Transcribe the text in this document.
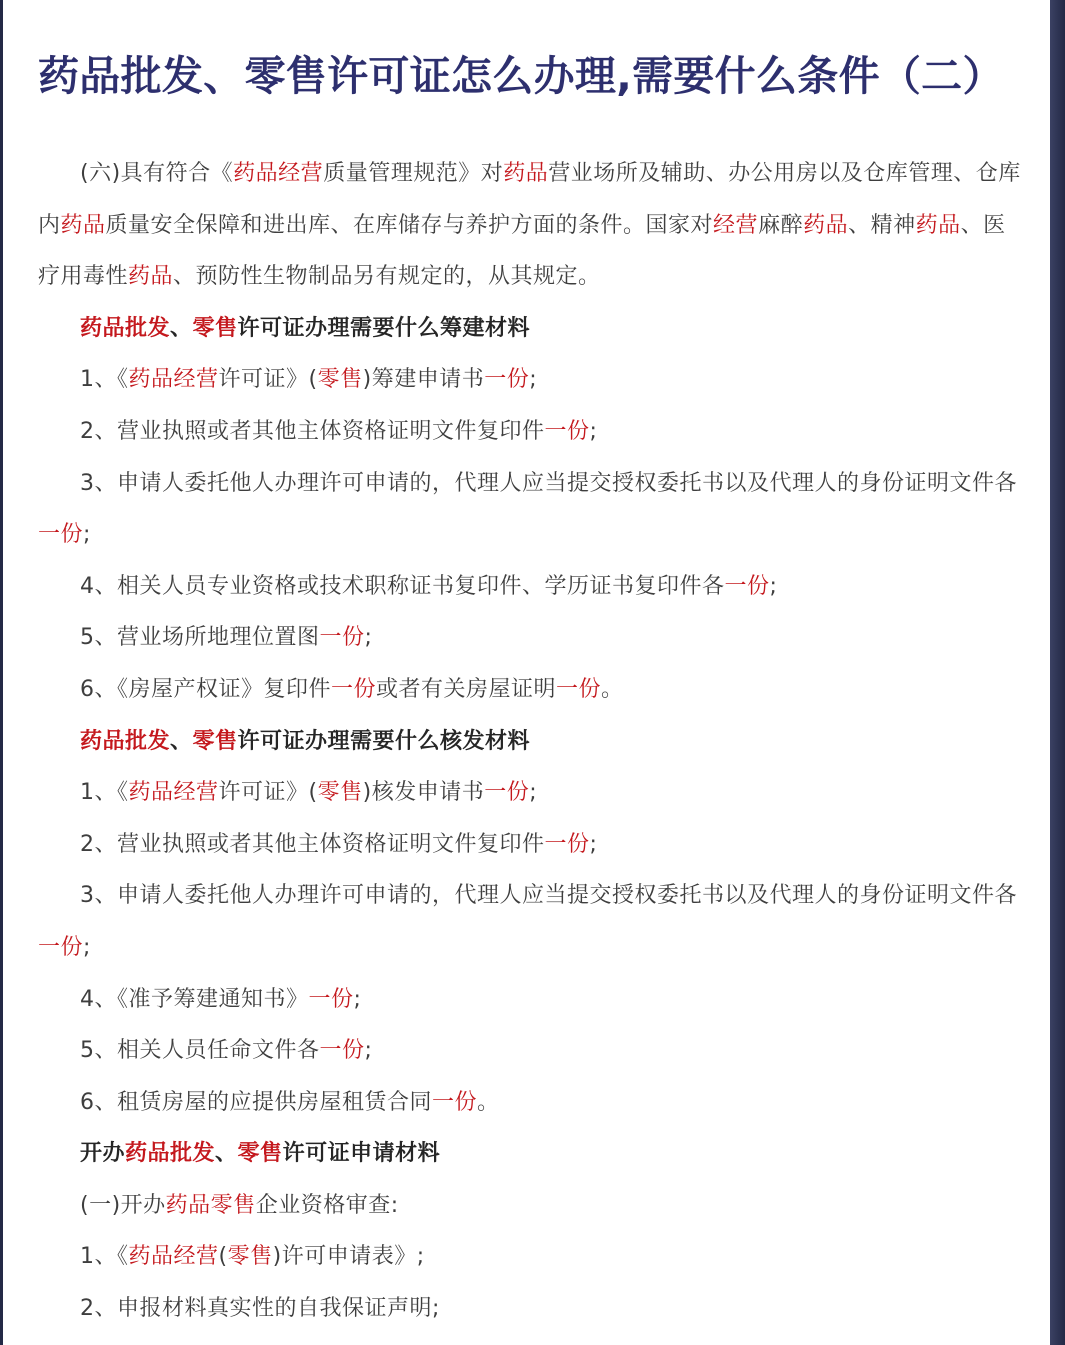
药品批发、零售许可证怎么办理,需要什么条件（二）
(六)具有符合《药品经营质量管理规范》对药品营业场所及辅助、办公用房以及仓库管理、仓库
内药品质量安全保障和进出库、在库储存与养护方面的条件。国家对经营麻醉药品、精神药品、医
疗用毒性药品、预防性生物制品另有规定的，从其规定。
药品批发、零售许可证办理需要什么筹建材料
1、《药品经营许可证》(零售)筹建申请书一份;
2、营业执照或者其他主体资格证明文件复印件一份;
3、申请人委托他人办理许可申请的，代理人应当提交授权委托书以及代理人的身份证明文件各
一份;
4、相关人员专业资格或技术职称证书复印件、学历证书复印件各一份;
5、营业场所地理位置图一份;
6、《房屋产权证》复印件一份或者有关房屋证明一份。
药品批发、零售许可证办理需要什么核发材料
1、《药品经营许可证》(零售)核发申请书一份;
2、营业执照或者其他主体资格证明文件复印件一份;
3、申请人委托他人办理许可申请的，代理人应当提交授权委托书以及代理人的身份证明文件各
一份;
4、《准予筹建通知书》一份;
5、相关人员任命文件各一份;
6、租赁房屋的应提供房屋租赁合同一份。
开办药品批发、零售许可证申请材料
(一)开办药品零售企业资格审查:
1、《药品经营(零售)许可申请表》;
2、申报材料真实性的自我保证声明;
